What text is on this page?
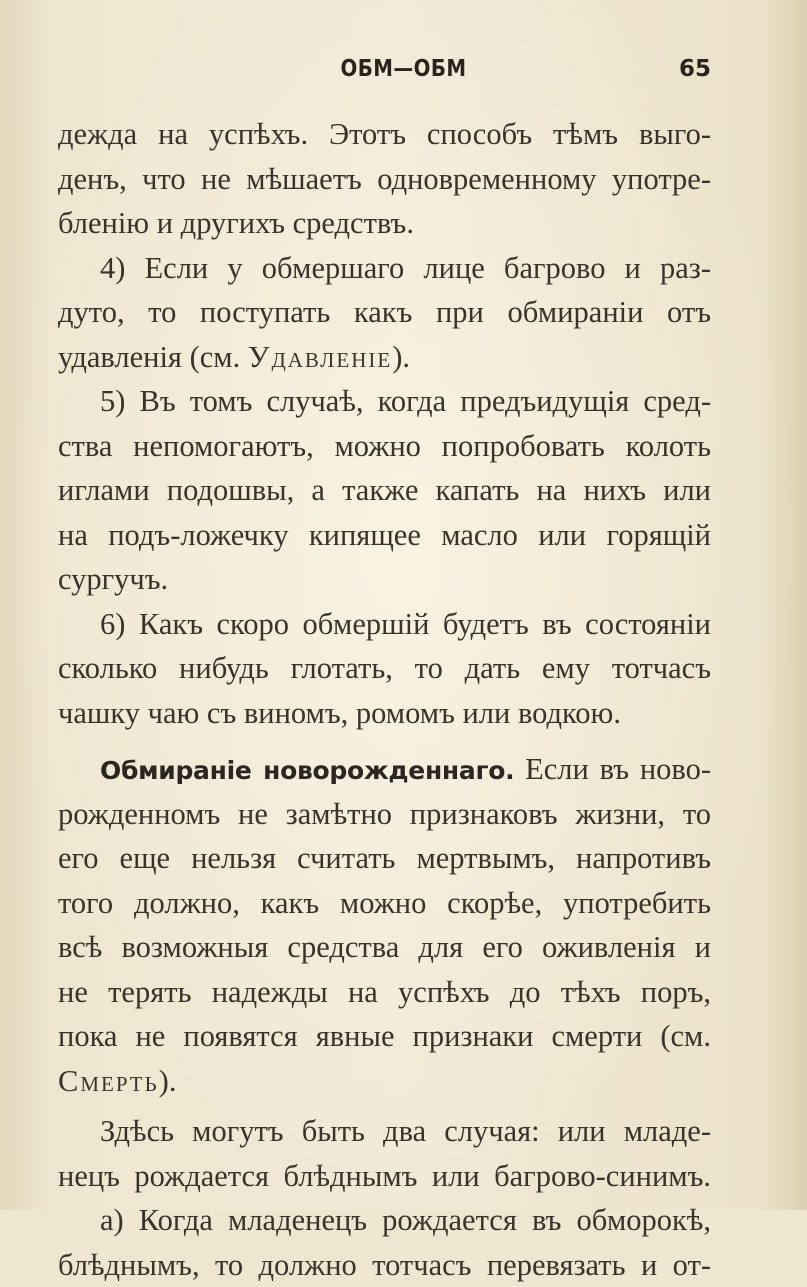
ОБМ—ОБМ	65
дежда на успѣхъ. Этотъ способъ тѣмъ выго-
денъ, что не мѣшаетъ одновременному употре-
бленію и другихъ средствъ.
4) Если у обмершаго лице багрово и раз-
дуто, то поступать какъ при обмираніи отъ
удавленія (см. Удавленіе).
5) Въ томъ случаѣ, когда предъидущія сред-
ства непомогаютъ, можно попробовать колоть
иглами подошвы, а также капать на нихъ или
на подъ-ложечку кипящее масло или горящій
сургучъ.
6) Какъ скоро обмершій будетъ въ состояніи
сколько нибудь глотать, то дать ему тотчасъ
чашку чаю съ виномъ, ромомъ или водкою.
Обмираніе новорожденнаго. Если въ ново-
рожденномъ не замѣтно признаковъ жизни, то
его еще нельзя считать мертвымъ, напротивъ
того должно, какъ можно скорѣе, употребить
всѣ возможныя средства для его оживленія и
не терять надежды на успѣхъ до тѣхъ поръ,
пока не появятся явные признаки смерти (см.
Смерть).
Здѣсь могутъ быть два случая: или младе-
нецъ рождается блѣднымъ или багрово-синимъ.
а) Когда младенецъ рождается въ обморокѣ,
блѣднымъ, то должно тотчасъ перевязать и от-
